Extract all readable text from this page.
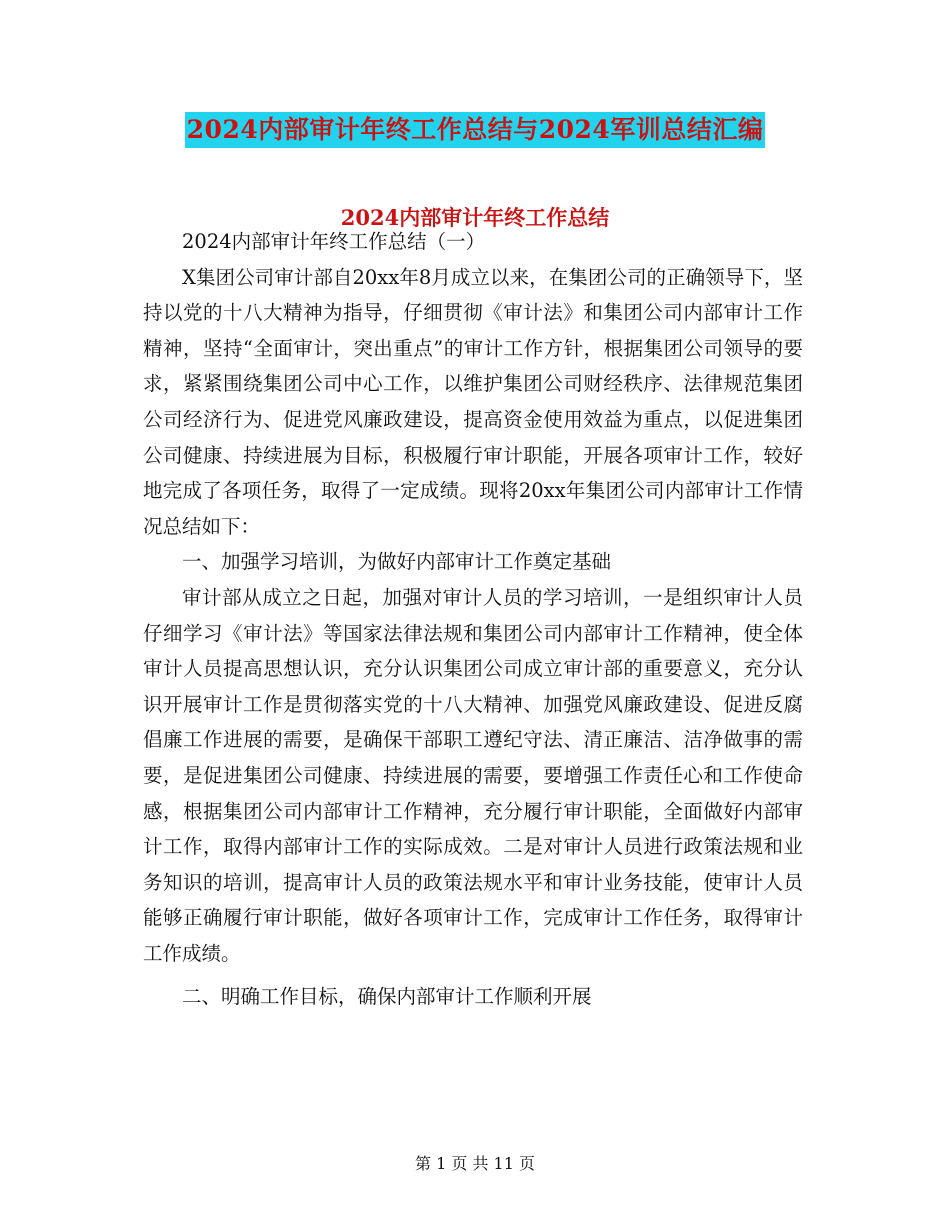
2024内部审计年终工作总结与2024军训总结汇编
2024内部审计年终工作总结

2024内部审计年终工作总结（一）

X集团公司审计部自20xx年8月成立以来，在集团公司的正确领导下，坚持以党的十八大精神为指导，仔细贯彻《审计法》和集团公司内部审计工作精神，坚持“全面审计，突出重点”的审计工作方针，根据集团公司领导的要求，紧紧围绕集团公司中心工作，以维护集团公司财经秩序、法律规范集团公司经济行为、促进党风廉政建设，提高资金使用效益为重点，以促进集团公司健康、持续进展为目标，积极履行审计职能，开展各项审计工作，较好地完成了各项任务，取得了一定成绩。现将20xx年集团公司内部审计工作情况总结如下：

一、加强学习培训，为做好内部审计工作奠定基础

审计部从成立之日起，加强对审计人员的学习培训，一是组织审计人员仔细学习《审计法》等国家法律法规和集团公司内部审计工作精神，使全体审计人员提高思想认识，充分认识集团公司成立审计部的重要意义，充分认识开展审计工作是贯彻落实党的十八大精神、加强党风廉政建设、促进反腐倡廉工作进展的需要，是确保干部职工遵纪守法、清正廉洁、洁净做事的需要，是促进集团公司健康、持续进展的需要，要增强工作责任心和工作使命感，根据集团公司内部审计工作精神，充分履行审计职能，全面做好内部审计工作，取得内部审计工作的实际成效。二是对审计人员进行政策法规和业务知识的培训，提高审计人员的政策法规水平和审计业务技能，使审计人员能够正确履行审计职能，做好各项审计工作，完成审计工作任务，取得审计工作成绩。

二、明确工作目标，确保内部审计工作顺利开展

第 1 页 共 11 页
